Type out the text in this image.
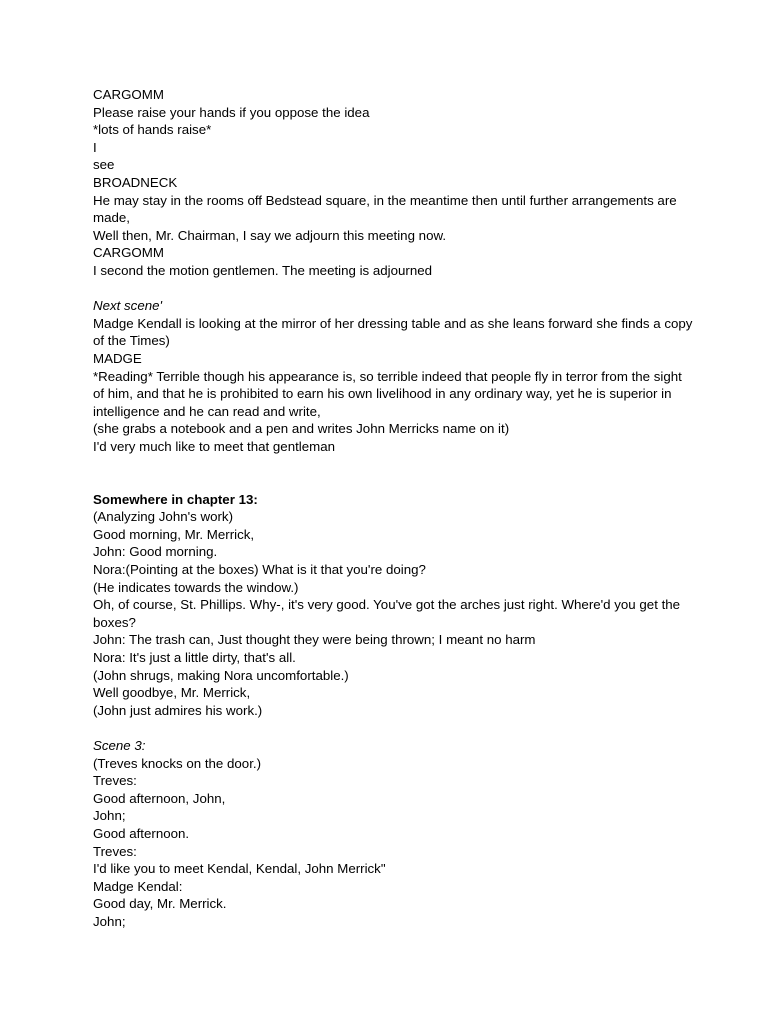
CARGOMM
Please raise your hands if you oppose the idea
*lots of hands raise*
I
see
BROADNECK
He may stay in the rooms off Bedstead square, in the meantime then until further arrangements are made,
Well then, Mr. Chairman, I say we adjourn this meeting now.
CARGOMM
I second the motion gentlemen. The meeting is adjourned
Next scene'
Madge Kendall is looking at the mirror of her dressing table and as she leans forward she finds a copy of the Times)
MADGE
*Reading* Terrible though his appearance is, so terrible indeed that people fly in terror from the sight of him, and that he is prohibited to earn his own livelihood in any ordinary way, yet he is superior in intelligence and he can read and write,
(she grabs a notebook and a pen and writes John Merricks name on it)
I'd very much like to meet that gentleman
Somewhere in chapter 13:
(Analyzing John's work)
Good morning, Mr. Merrick,
John: Good morning.
Nora:(Pointing at the boxes) What is it that you're doing?
(He indicates towards the window.)
Oh, of course, St. Phillips. Why-, it's very good. You've got the arches just right. Where'd you get the boxes?
John: The trash can, Just thought they were being thrown; I meant no harm
Nora: It's just a little dirty, that's all.
(John shrugs, making Nora uncomfortable.)
Well goodbye, Mr. Merrick,
(John just admires his work.)
Scene 3:
(Treves knocks on the door.)
Treves:
Good afternoon, John,
John;
Good afternoon.
Treves:
I'd like you to meet Kendal, Kendal, John Merrick"
Madge Kendal:
Good day, Mr. Merrick.
John;
